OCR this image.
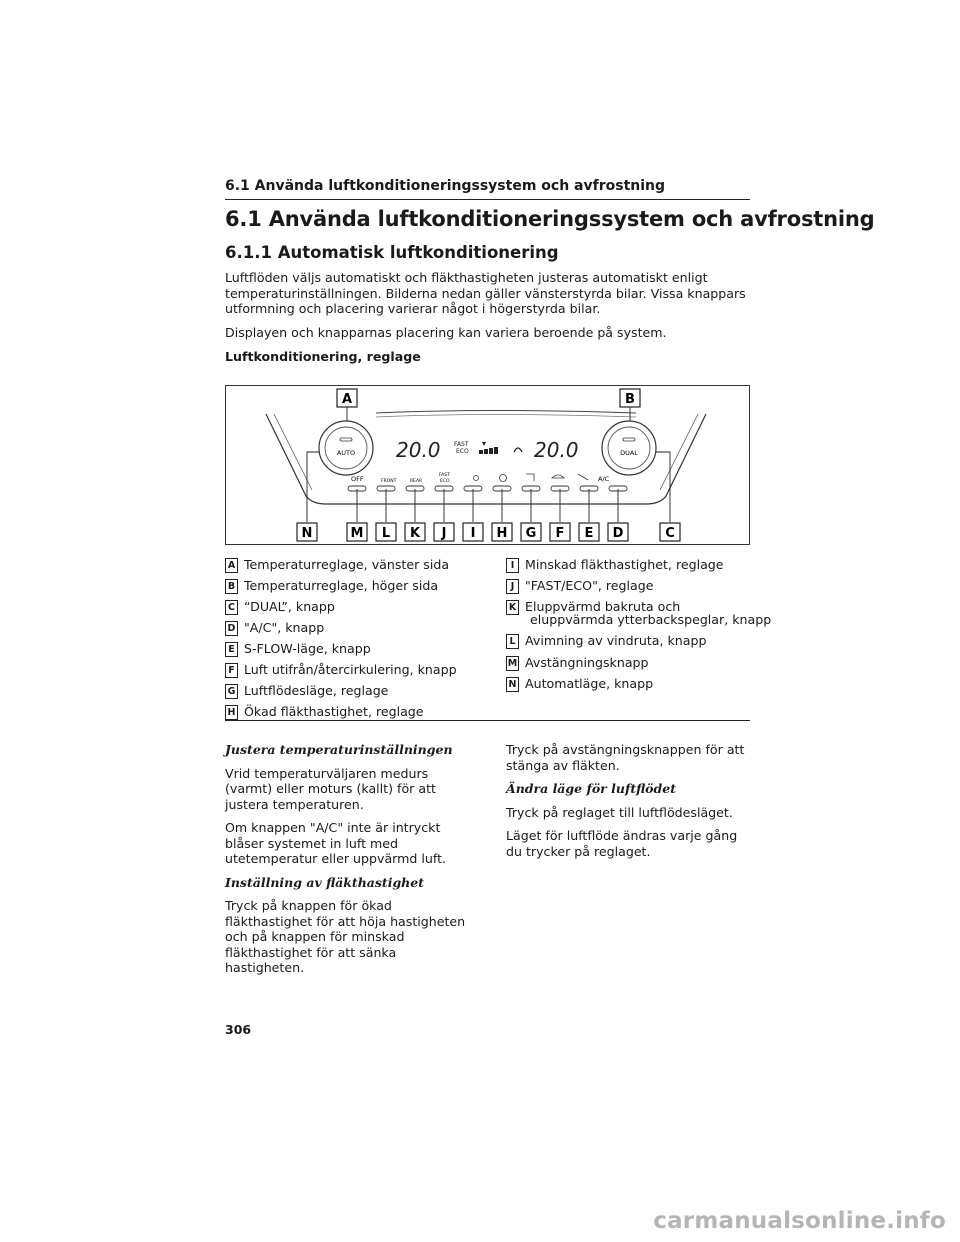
6.1 Använda luftkonditioneringssystem och avfrostning
6.1 Använda luftkonditioneringssystem och avfrostning
6.1.1 Automatisk luftkonditionering
Luftflöden väljs automatiskt och fläkthastigheten justeras automatiskt enligt temperaturinställningen. Bilderna nedan gäller vänsterstyrda bilar. Vissa knappars utformning och placering varierar något i högerstyrda bilar.
Displayen och knapparnas placering kan variera beroende på system.
Luftkonditionering, reglage
AUTO	DUAL
20.0 FAST
ECO	20.0
OFF	FRONT	REAR
FAST
ECO	A/C
A	B
N	M L K J I H G F E D	C
A Temperaturreglage, vänster sida
B Temperaturreglage, höger sida
C “DUAL”, knapp
D "A/C", knapp
E S-FLOW-läge, knapp
F Luft utifrån/återcirkulering, knapp
G Luftflödesläge, reglage
H Ökad fläkthastighet, reglage
I Minskad fläkthastighet, reglage
J "FAST/ECO", reglage
K Eluppvärmd bakruta och
eluppvärmda ytterbackspeglar, knapp
L Avimning av vindruta, knapp
M Avstängningsknapp
N Automatläge, knapp

Justera temperaturinställningen

Vrid temperaturväljaren medurs (varmt) eller moturs (kallt) för att justera temperaturen.

Om knappen "A/C" inte är intryckt blåser systemet in luft med utetemperatur eller uppvärmd luft.

Inställning av fläkthastighet

Tryck på knappen för ökad fläkthastighet för att höja hastigheten och på knappen för minskad fläkthastighet för att sänka hastigheten.

Tryck på avstängningsknappen för att stänga av fläkten.

Ändra läge för luftflödet

Tryck på reglaget till luftflödesläget.

Läget för luftflöde ändras varje gång du trycker på reglaget.

306
carmanualsonline.info
